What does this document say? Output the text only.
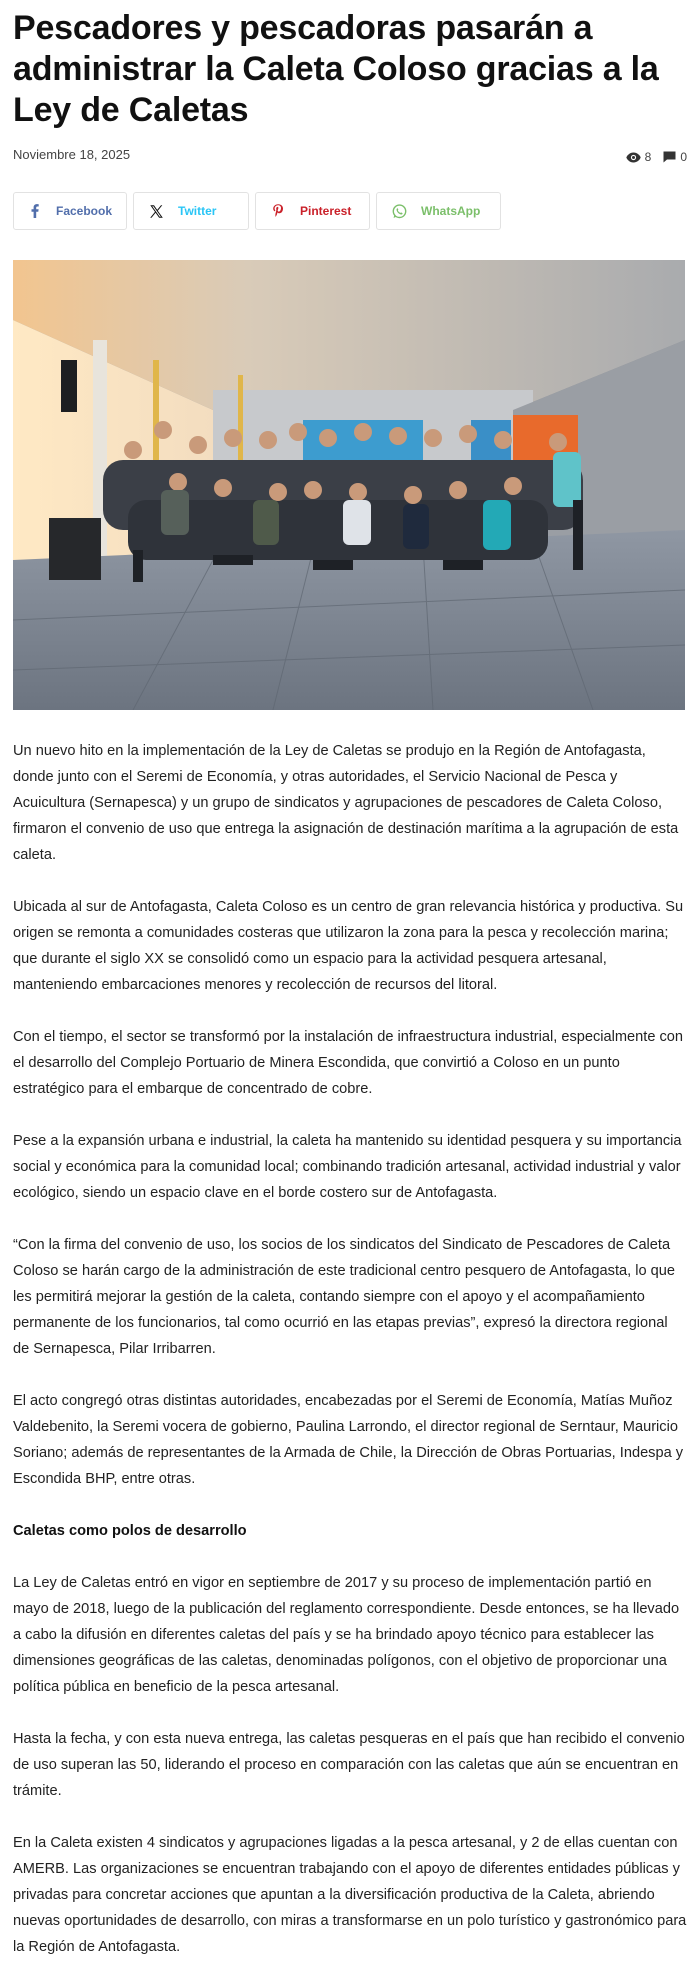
Pescadores y pescadoras pasarán a administrar la Caleta Coloso gracias a la Ley de Caletas
Noviembre 18, 2025	8 0
Facebook	Twitter	Pinterest	WhatsApp

Un nuevo hito en la implementación de la Ley de Caletas se produjo en la Región de Antofagasta, donde junto con el Seremi de Economía, y otras autoridades, el Servicio Nacional de Pesca y Acuicultura (Sernapesca) y un grupo de sindicatos y agrupaciones de pescadores de Caleta Coloso, firmaron el convenio de uso que entrega la asignación de destinación marítima a la agrupación de esta caleta.

Ubicada al sur de Antofagasta, Caleta Coloso es un centro de gran relevancia histórica y productiva. Su origen se remonta a comunidades costeras que utilizaron la zona para la pesca y recolección marina; que durante el siglo XX se consolidó como un espacio para la actividad pesquera artesanal, manteniendo embarcaciones menores y recolección de recursos del litoral.

Con el tiempo, el sector se transformó por la instalación de infraestructura industrial, especialmente con el desarrollo del Complejo Portuario de Minera Escondida, que convirtió a Coloso en un punto estratégico para el embarque de concentrado de cobre.

Pese a la expansión urbana e industrial, la caleta ha mantenido su identidad pesquera y su importancia social y económica para la comunidad local; combinando tradición artesanal, actividad industrial y valor ecológico, siendo un espacio clave en el borde costero sur de Antofagasta.

“Con la firma del convenio de uso, los socios de los sindicatos del Sindicato de Pescadores de Caleta Coloso se harán cargo de la administración de este tradicional centro pesquero de Antofagasta, lo que les permitirá mejorar la gestión de la caleta, contando siempre con el apoyo y el acompañamiento permanente de los funcionarios, tal como ocurrió en las etapas previas”, expresó la directora regional de Sernapesca, Pilar Irribarren.

El acto congregó otras distintas autoridades, encabezadas por el Seremi de Economía, Matías Muñoz Valdebenito, la Seremi vocera de gobierno, Paulina Larrondo, el director regional de Serntaur, Mauricio Soriano; además de representantes de la Armada de Chile, la Dirección de Obras Portuarias, Indespa y Escondida BHP, entre otras.

Caletas como polos de desarrollo

La Ley de Caletas entró en vigor en septiembre de 2017 y su proceso de implementación partió en mayo de 2018, luego de la publicación del reglamento correspondiente. Desde entonces, se ha llevado a cabo la difusión en diferentes caletas del país y se ha brindado apoyo técnico para establecer las dimensiones geográficas de las caletas, denominadas polígonos, con el objetivo de proporcionar una política pública en beneficio de la pesca artesanal.

Hasta la fecha, y con esta nueva entrega, las caletas pesqueras en el país que han recibido el convenio de uso superan las 50, liderando el proceso en comparación con las caletas que aún se encuentran en trámite.

En la Caleta existen 4 sindicatos y agrupaciones ligadas a la pesca artesanal, y 2 de ellas cuentan con AMERB. Las organizaciones se encuentran trabajando con el apoyo de diferentes entidades públicas y privadas para concretar acciones que apuntan a la diversificación productiva de la Caleta, abriendo nuevas oportunidades de desarrollo, con miras a transformarse en un polo turístico y gastronómico para la Región de Antofagasta.
